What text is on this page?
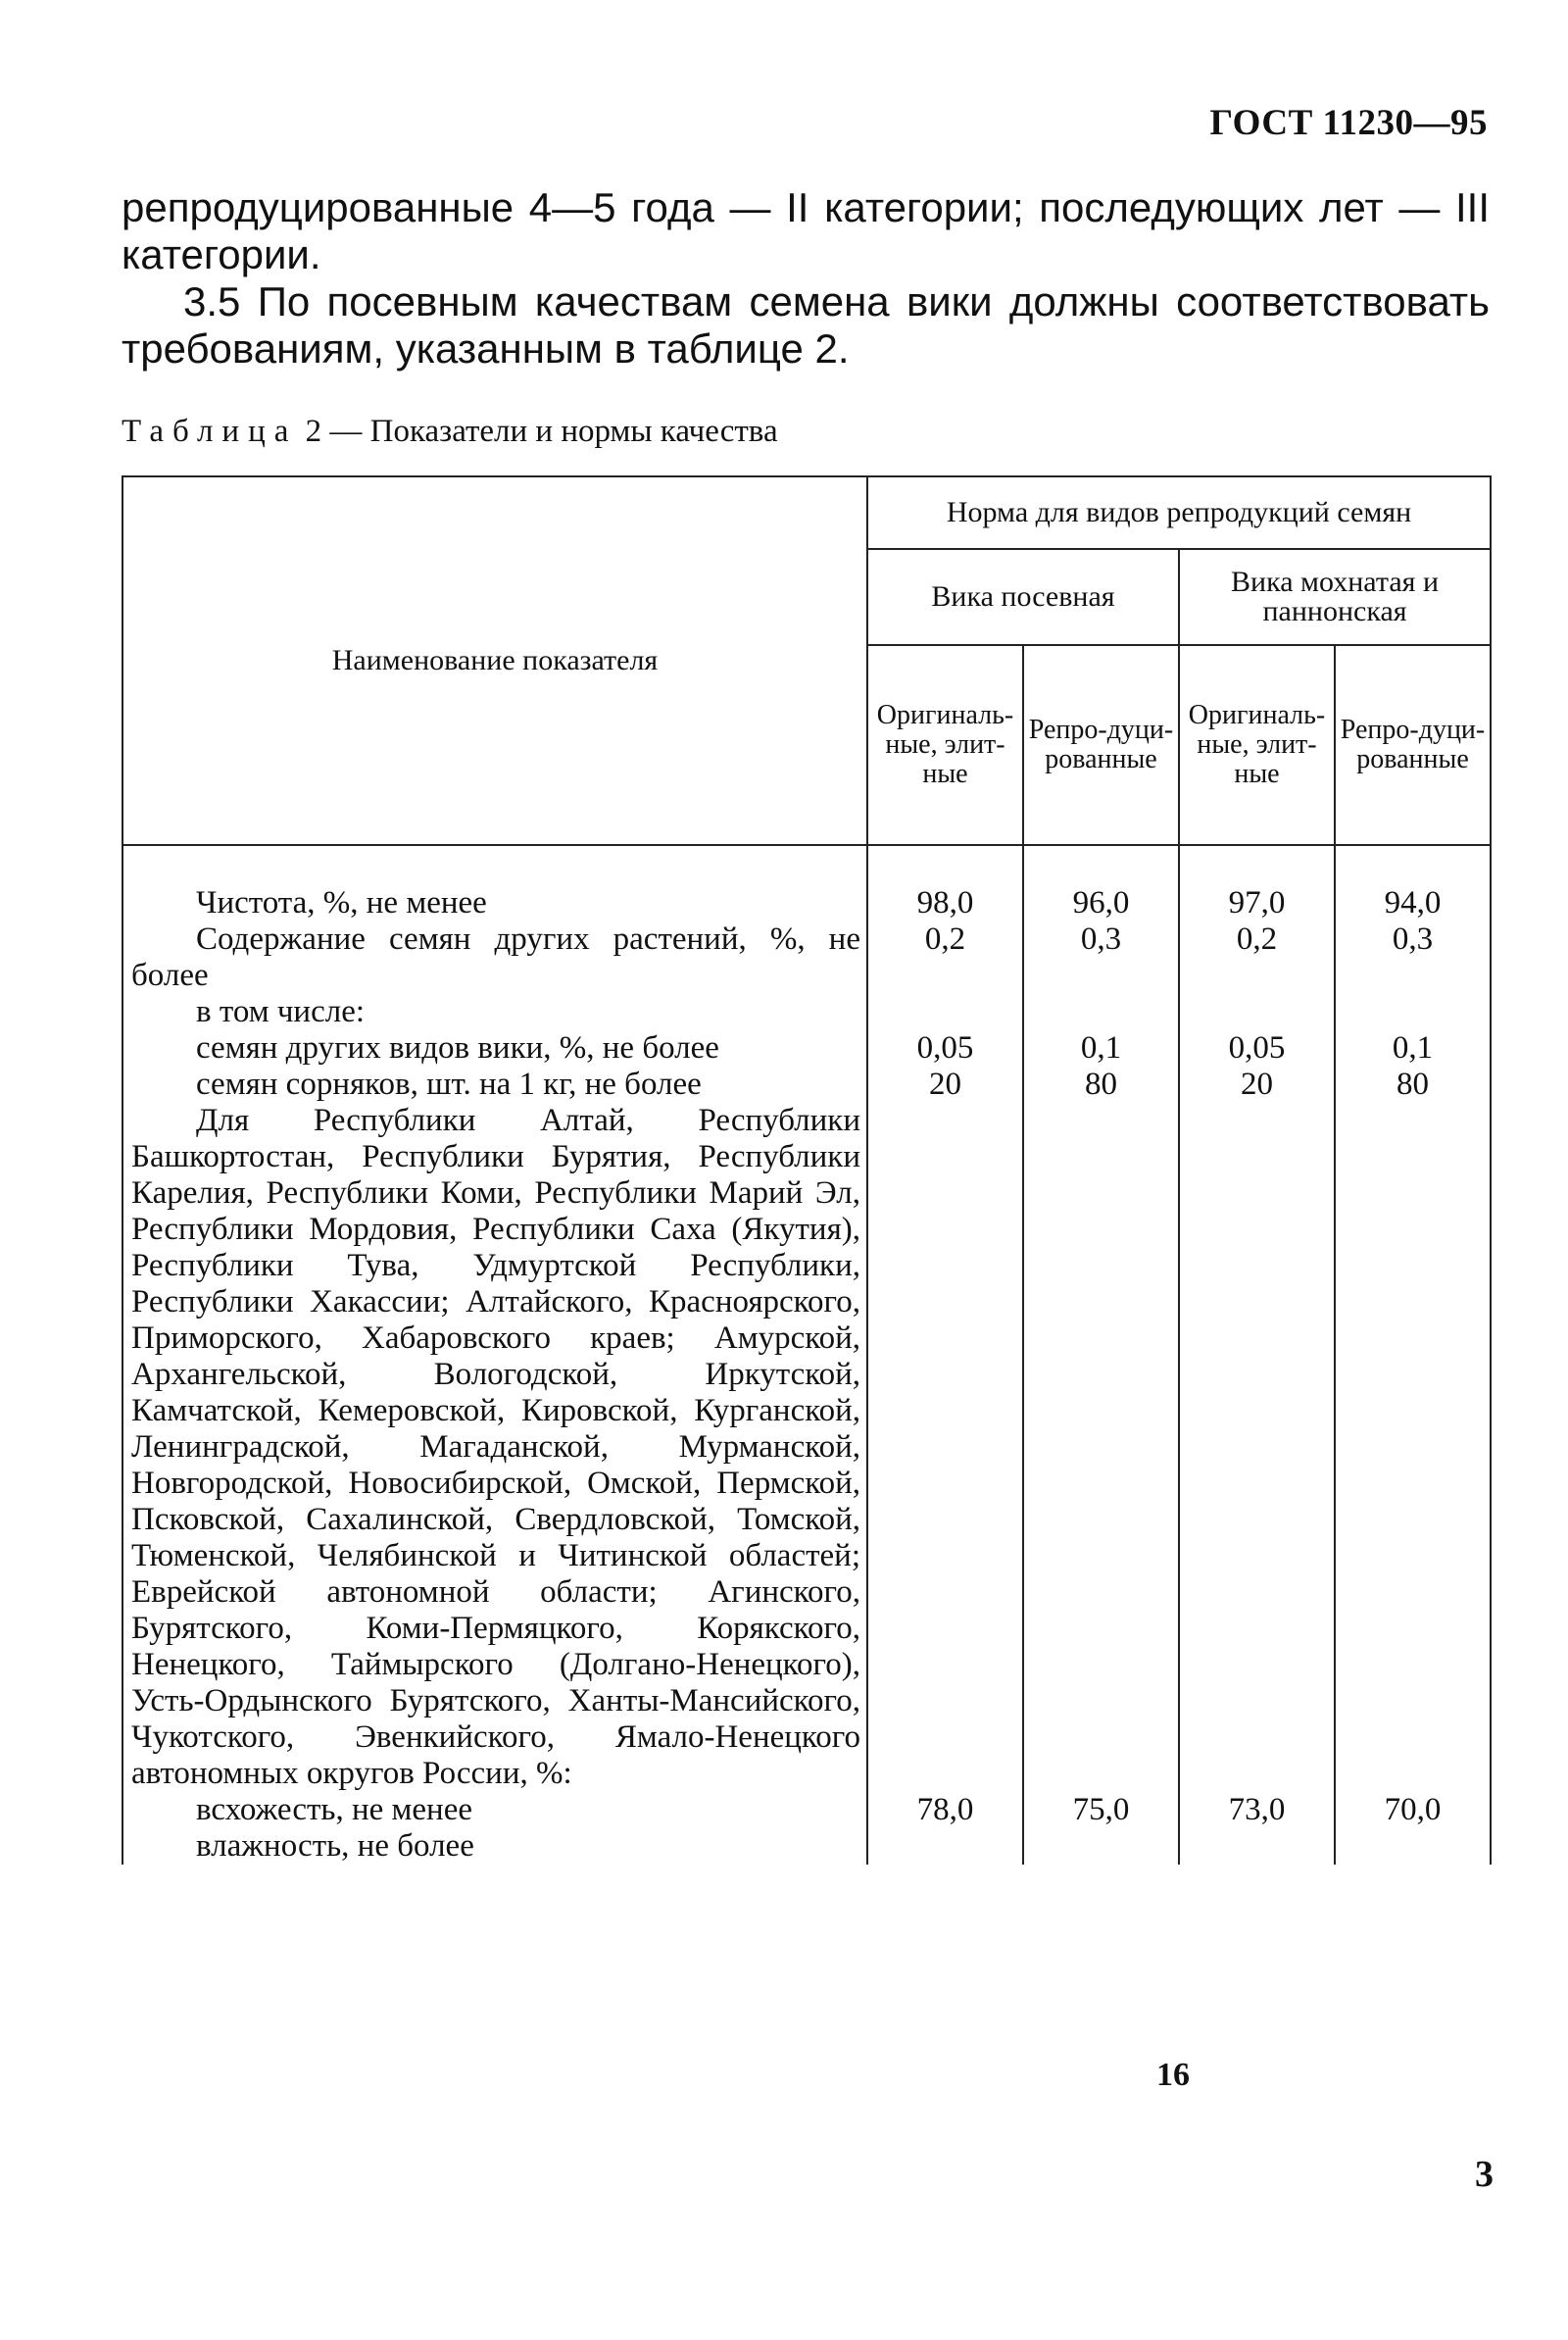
ГОСТ 11230—95

репродуцированные 4—5 года — II категории; последующих лет — III

категории.

3.5 По посевным качествам семена вики должны соответствовать требованиям, указанным в таблице 2.

Таблица 2 — Показатели и нормы качества
Наименование показателя	Норма для видов репродукций семян			
	Вика посевная		Вика мохнатая и паннонская	
	Оригиналь-ные, элит-ные	Репро-дуци-рованные	Оригиналь-ные, элит-ные	Репро-дуци-рованные

Чистота, %, не менее	98,0	96,0	97,0	94,0

Содержание семян других растений, %, не более	0,2	0,3	0,2	0,3
в том числе:				
семян других видов вики, %, не более	0,05	0,1	0,05	0,1
семян сорняков, шт. на 1 кг, не более	20	80	20	80

Для Республики Алтай, Республики Башкортостан, Республики Бурятия, Республики Карелия, Республики Коми, Республики Марий Эл, Республики Мордовия, Республики Саха (Якутия), Республики Тува, Удмуртской Республики, Республики Хакассии; Алтайского, Красноярского, Приморского, Хабаровского краев; Амурской, Архангельской, Вологодской, Иркутской, Камчатской, Кемеровской, Кировской, Курганской, Ленинградской, Магаданской, Мурманской, Новгородской, Новосибирской, Омской, Пермской, Псковской, Сахалинской, Свердловской, Томской, Тюменской, Челябинской и Читинской областей; Еврейской автономной области; Агинского, Бурятского, Коми-Пермяцкого, Корякского, Ненецкого, Таймырского (Долгано-Ненецкого), Усть-Ордынского Бурятского, Ханты-Мансийского, Чукотского, Эвенкийского, Ямало-Ненецкого автономных округов России, %:				

всхожесть, не менее	78,0	75,0	73,0	70,0
влажность, не более				
16
3
